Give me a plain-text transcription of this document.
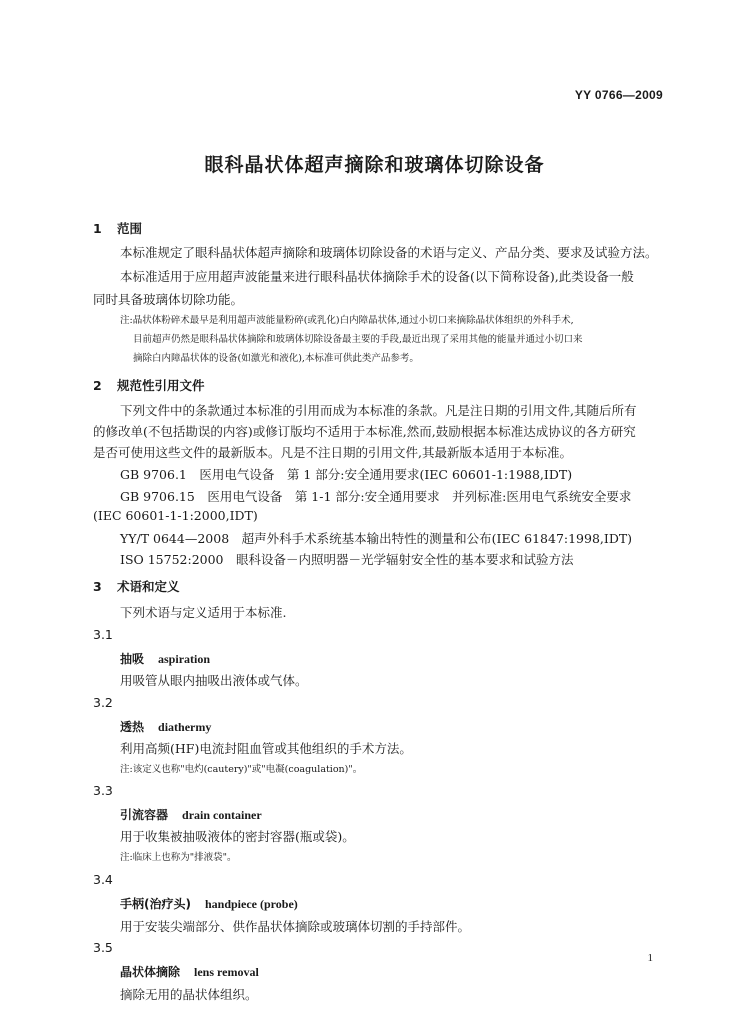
YY 0766—2009
眼科晶状体超声摘除和玻璃体切除设备
1 范围
本标准规定了眼科晶状体超声摘除和玻璃体切除设备的术语与定义、产品分类、要求及试验方法。
本标准适用于应用超声波能量来进行眼科晶状体摘除手术的设备(以下简称设备),此类设备一般
同时具备玻璃体切除功能。
注:晶状体粉碎术最早是利用超声波能量粉碎(或乳化)白内障晶状体,通过小切口来摘除晶状体组织的外科手术,
目前超声仍然是眼科晶状体摘除和玻璃体切除设备最主要的手段,最近出现了采用其他的能量并通过小切口来
摘除白内障晶状体的设备(如激光和液化),本标准可供此类产品参考。
2 规范性引用文件
下列文件中的条款通过本标准的引用而成为本标准的条款。凡是注日期的引用文件,其随后所有
的修改单(不包括勘误的内容)或修订版均不适用于本标准,然而,鼓励根据本标准达成协议的各方研究
是否可使用这些文件的最新版本。凡是不注日期的引用文件,其最新版本适用于本标准。
GB 9706.1　医用电气设备　第 1 部分:安全通用要求(IEC 60601-1:1988,IDT)
GB 9706.15　医用电气设备　第 1-1 部分:安全通用要求　并列标准:医用电气系统安全要求
(IEC 60601-1-1:2000,IDT)
YY/T 0644—2008　超声外科手术系统基本输出特性的测量和公布(IEC 61847:1998,IDT)
ISO 15752:2000　眼科设备－内照明器－光学辐射安全性的基本要求和试验方法
3 术语和定义
下列术语与定义适用于本标准.
3.1
抽吸 aspiration
用吸管从眼内抽吸出液体或气体。
3.2
透热 diathermy
利用高频(HF)电流封阻血管或其他组织的手术方法。
注:该定义也称"电灼(cautery)"或"电凝(coagulation)"。
3.3
引流容器 drain container
用于收集被抽吸液体的密封容器(瓶或袋)。
注:临床上也称为"排液袋"。
3.4
手柄(治疗头) handpiece (probe)
用于安装尖端部分、供作晶状体摘除或玻璃体切割的手持部件。
3.5
晶状体摘除 lens removal
摘除无用的晶状体组织。
1
